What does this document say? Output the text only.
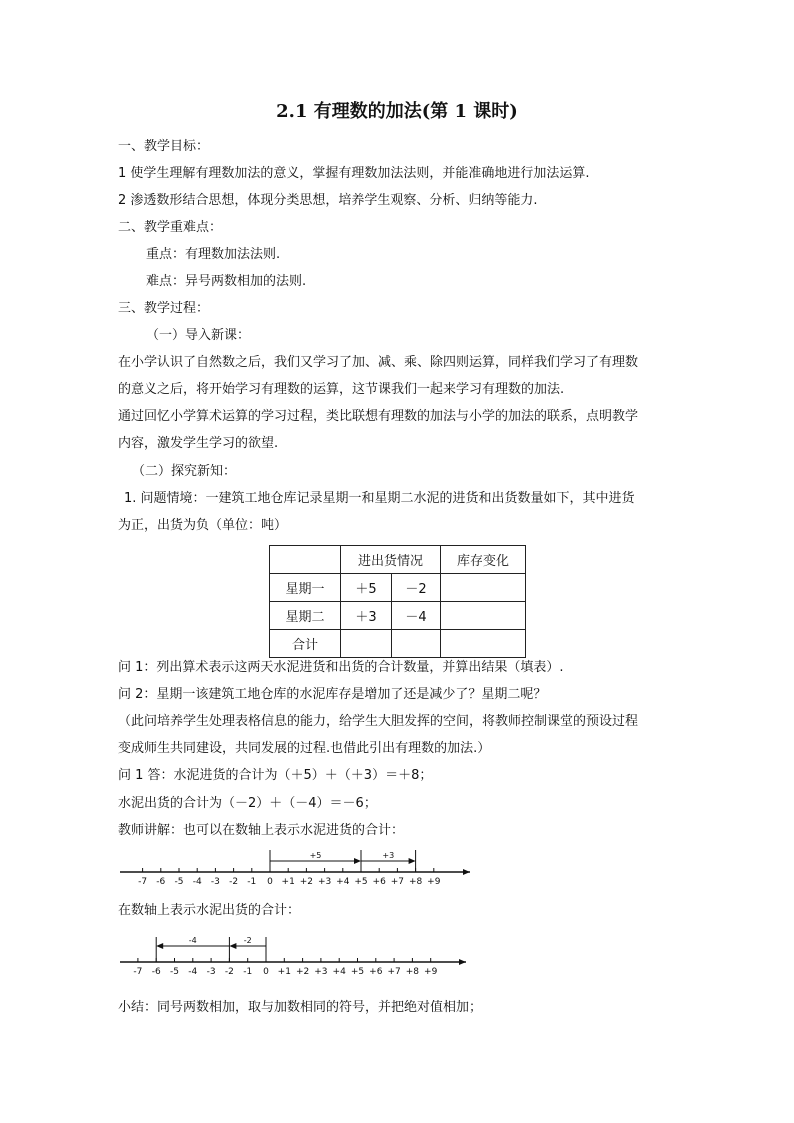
2.1 有理数的加法(第 1 课时)
一、教学目标：
1 使学生理解有理数加法的意义，掌握有理数加法法则，并能准确地进行加法运算.
2 渗透数形结合思想，体现分类思想，培养学生观察、分析、归纳等能力.
二、教学重难点：
重点：有理数加法法则.
难点：异号两数相加的法则.
三、教学过程：
（一）导入新课：
在小学认识了自然数之后，我们又学习了加、减、乘、除四则运算，同样我们学习了有理数
的意义之后，将开始学习有理数的运算，这节课我们一起来学习有理数的加法.
通过回忆小学算术运算的学习过程，类比联想有理数的加法与小学的加法的联系，点明教学
内容，激发学生学习的欲望.
（二）探究新知：
1. 问题情境：一建筑工地仓库记录星期一和星期二水泥的进货和出货数量如下，其中进货
为正，出货为负（单位：吨）
	进出货情况		库存变化
星期一	＋5	－2	
星期二	＋3	－4	
合计			
问 1：列出算术表示这两天水泥进货和出货的合计数量，并算出结果（填表）.
问 2：星期一该建筑工地仓库的水泥库存是增加了还是减少了？星期二呢？
（此问培养学生处理表格信息的能力，给学生大胆发挥的空间，将教师控制课堂的预设过程
变成师生共同建设，共同发展的过程.也借此引出有理数的加法.）
问 1 答：水泥进货的合计为（＋5）＋（＋3）＝＋8；
水泥出货的合计为（－2）＋（－4）＝－6；
教师讲解：也可以在数轴上表示水泥进货的合计：
-7 -6 -5 -4 -3 -2 -1 0 +1 +2 +3 +4 +5 +6 +7 +8 +9
+5	+3
在数轴上表示水泥出货的合计：
-7 -6 -5 -4 -3 -2 -1 0 +1 +2 +3 +4 +5 +6 +7 +8 +9
-2
-4
小结：同号两数相加，取与加数相同的符号，并把绝对值相加；
